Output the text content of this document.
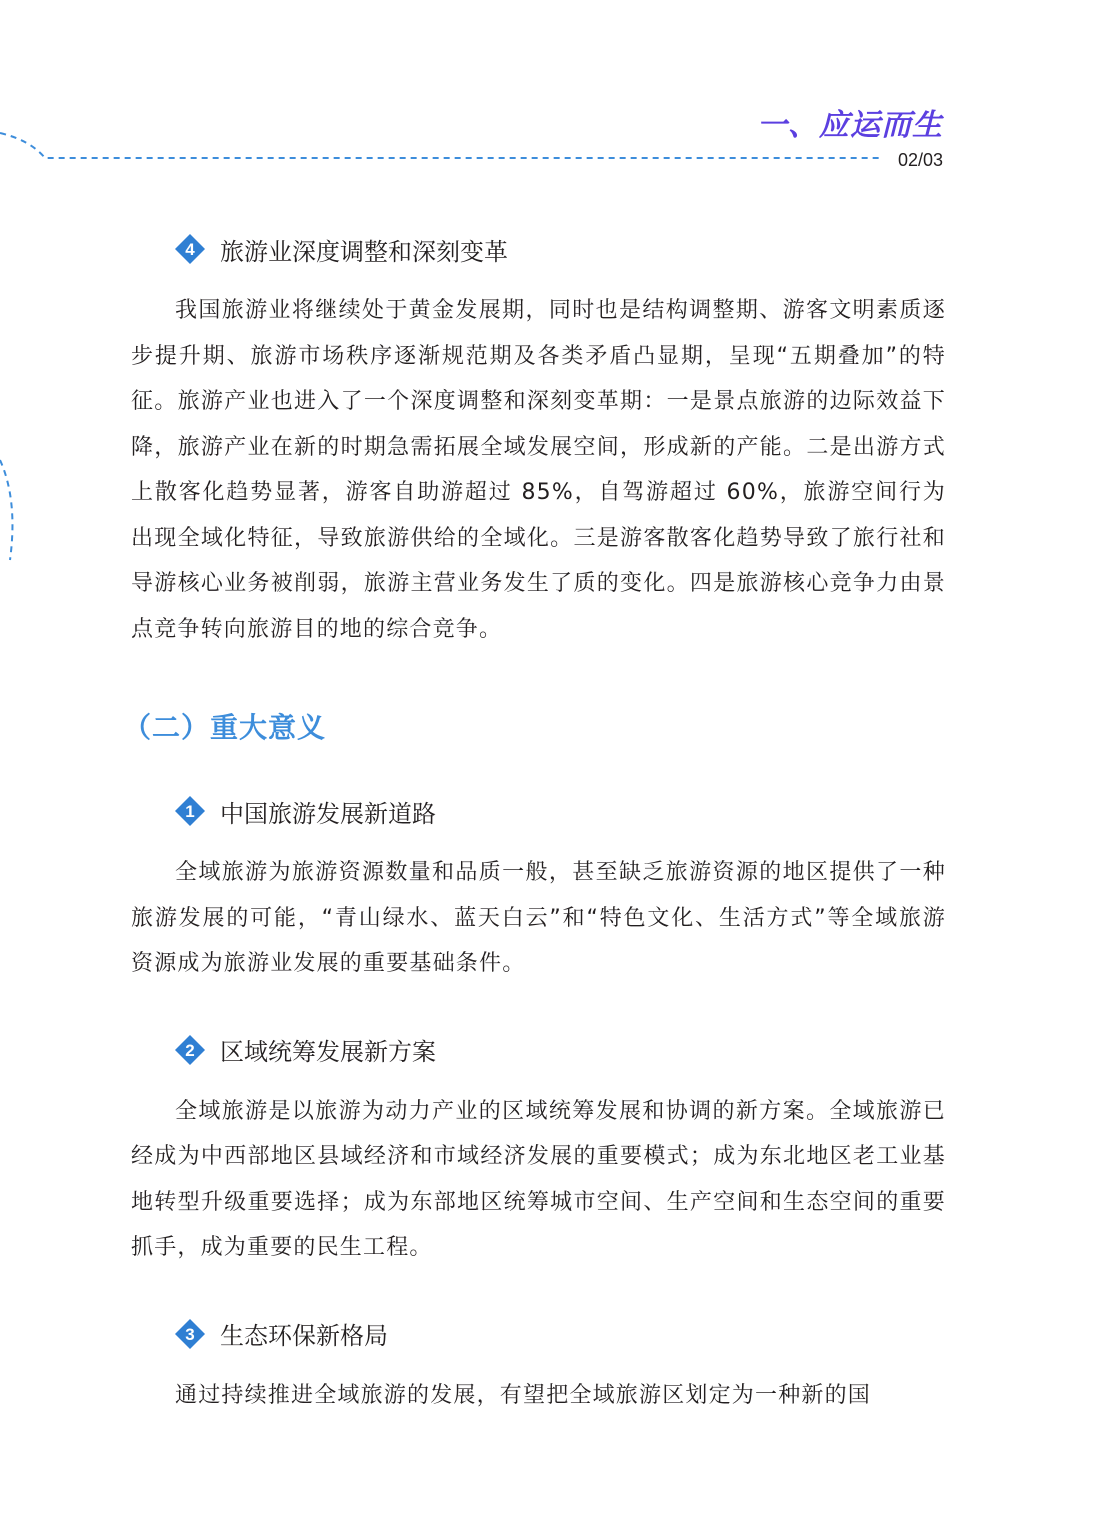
一、应运而生
02/03
4 旅游业深度调整和深刻变革

我国旅游业将继续处于黄金发展期，同时也是结构调整期、游客文明素质逐步提升期、旅游市场秩序逐渐规范期及各类矛盾凸显期，呈现“五期叠加”的特征。旅游产业也进入了一个深度调整和深刻变革期：一是景点旅游的边际效益下降，旅游产业在新的时期急需拓展全域发展空间，形成新的产能。二是出游方式上散客化趋势显著，游客自助游超过 85%，自驾游超过 60%，旅游空间行为出现全域化特征，导致旅游供给的全域化。三是游客散客化趋势导致了旅行社和导游核心业务被削弱，旅游主营业务发生了质的变化。四是旅游核心竞争力由景点竞争转向旅游目的地的综合竞争。

（二）重大意义
1 中国旅游发展新道路

全域旅游为旅游资源数量和品质一般，甚至缺乏旅游资源的地区提供了一种旅游发展的可能，“青山绿水、蓝天白云”和“特色文化、生活方式”等全域旅游资源成为旅游业发展的重要基础条件。

2 区域统筹发展新方案

全域旅游是以旅游为动力产业的区域统筹发展和协调的新方案。全域旅游已经成为中西部地区县域经济和市域经济发展的重要模式；成为东北地区老工业基地转型升级重要选择；成为东部地区统筹城市空间、生产空间和生态空间的重要抓手，成为重要的民生工程。

3 生态环保新格局

通过持续推进全域旅游的发展，有望把全域旅游区划定为一种新的国
